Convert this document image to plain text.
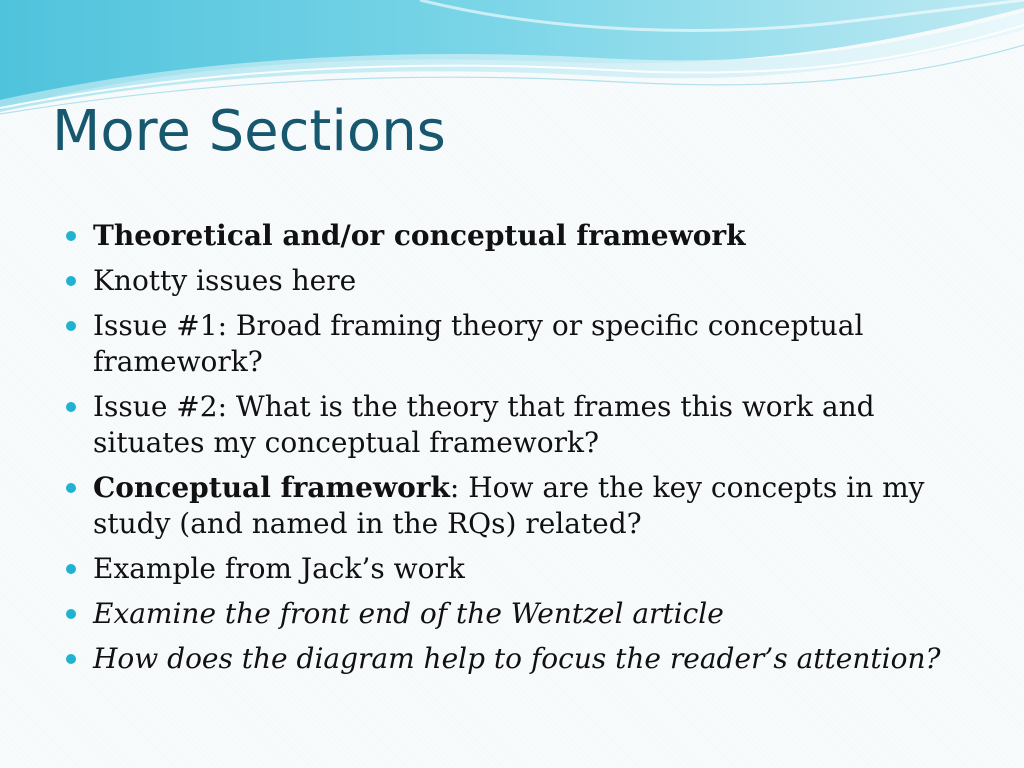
More Sections
Theoretical and/or conceptual framework
Knotty issues here
Issue #1: Broad framing theory or specific conceptual framework?
Issue #2: What is the theory that frames this work and situates my conceptual framework?
Conceptual framework: How are the key concepts in my study (and named in the RQs) related?
Example from Jack’s work
Examine the front end of the Wentzel article
How does the diagram help to focus the reader’s attention?
